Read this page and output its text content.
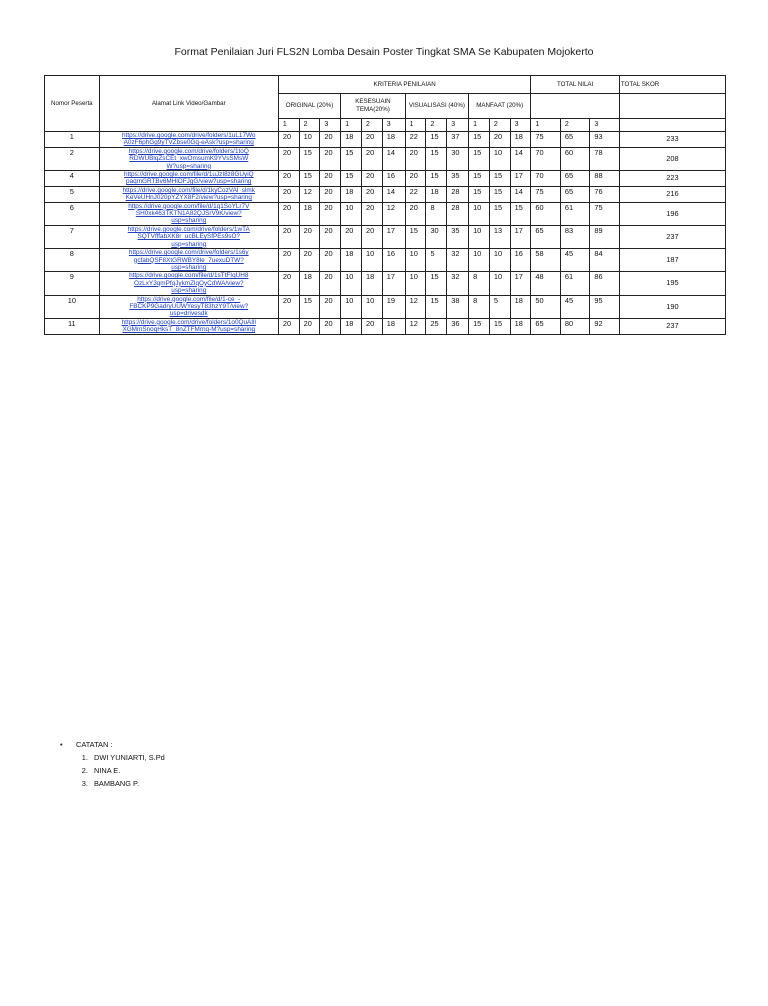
Format Penilaian Juri FLS2N Lomba Desain Poster Tingkat SMA Se Kabupaten Mojokerto
Nomor Peserta	Alamat Link Video/Gambar	KRITERIA PENILAIAN												TOTAL NILAI			TOTAL SKOR
		ORIGINAL (20%)			KESESUAIN TEMA(20%)			VISUALISASI (40%)			MANFAAT (20%)						
		1	2	3	1	2	3	1	2	3	1	2	3	1	2	3	
1	https://drive.google.com/drive/folders/1uL17Wo
A0zF6phGg9yTVZbse0Gq-eAsk?usp=sharing	20	10	20	18	20	18	22	15	37	15	20	18	75	65	93	233
2	https://drive.google.com/drive/folders/1toQ
RDWUBlqZsCEt_xwOmsumK9YVsSMsW
W?usp=sharing	20	15	20	15	20	14	20	15	30	15	10	14	70	60	78	208
4	https://drive.google.com/file/d/1uJzI8z8GUyiQ
paqmGRTBv6MHlOFJgG/view?usp=sharing	20	15	20	15	20	16	20	15	35	15	15	17	70	65	88	223
5	https://drive.google.com/file/d/1kyCozVAl_slmk
KeVeUHnJ020pYZYX8F2/view?usp=sharing	20	12	20	18	20	14	22	18	28	15	15	14	75	65	76	216
6	https://drive.google.com/file/d/1q1SoYLr7V
SH0xk463TKTN1A82QJSrV9K/view?
usp=sharing	20	18	20	10	20	12	20	8	28	10	15	15	60	61	75	196
7	https://drive.google.com/drive/folders/1wTA
SQTVfffabXK8r_ucBLEySfPEs9sO?
usp=sharing	20	20	20	20	20	17	15	30	35	10	13	17	65	83	89	237
8	https://drive.google.com/drive/folders/1s6y
gcfabQSF8XtGRWBY8le_7uexuDTW?
usp=sharing	20	20	20	18	10	16	10	5	32	10	10	16	58	45	84	187
9	https://drive.google.com/file/d/1sTtFIqUH8
OzLxY3qmPfqJykmZlqOyCdWA/view?
usp=sharing	20	18	20	10	18	17	10	15	32	8	10	17	48	61	86	195
10	https://drive.google.com/file/d/1-ce_-
FBCKP9GadryUUWYesyT83hzY9T/view?
usp=drivesdk	20	15	20	10	10	19	12	15	38	8	5	18	50	45	95	190
11	https://drive.google.com/drive/folders/1o0QuAIll
XGMmSnoqHksT_8nZTFMrnq-M?usp=sharing	20	20	20	18	20	18	12	25	36	15	15	18	65	80	92	237
•	CATATAN :
1. DWI YUNIARTI, S.Pd
2. NINA E.
3. BAMBANG P.
